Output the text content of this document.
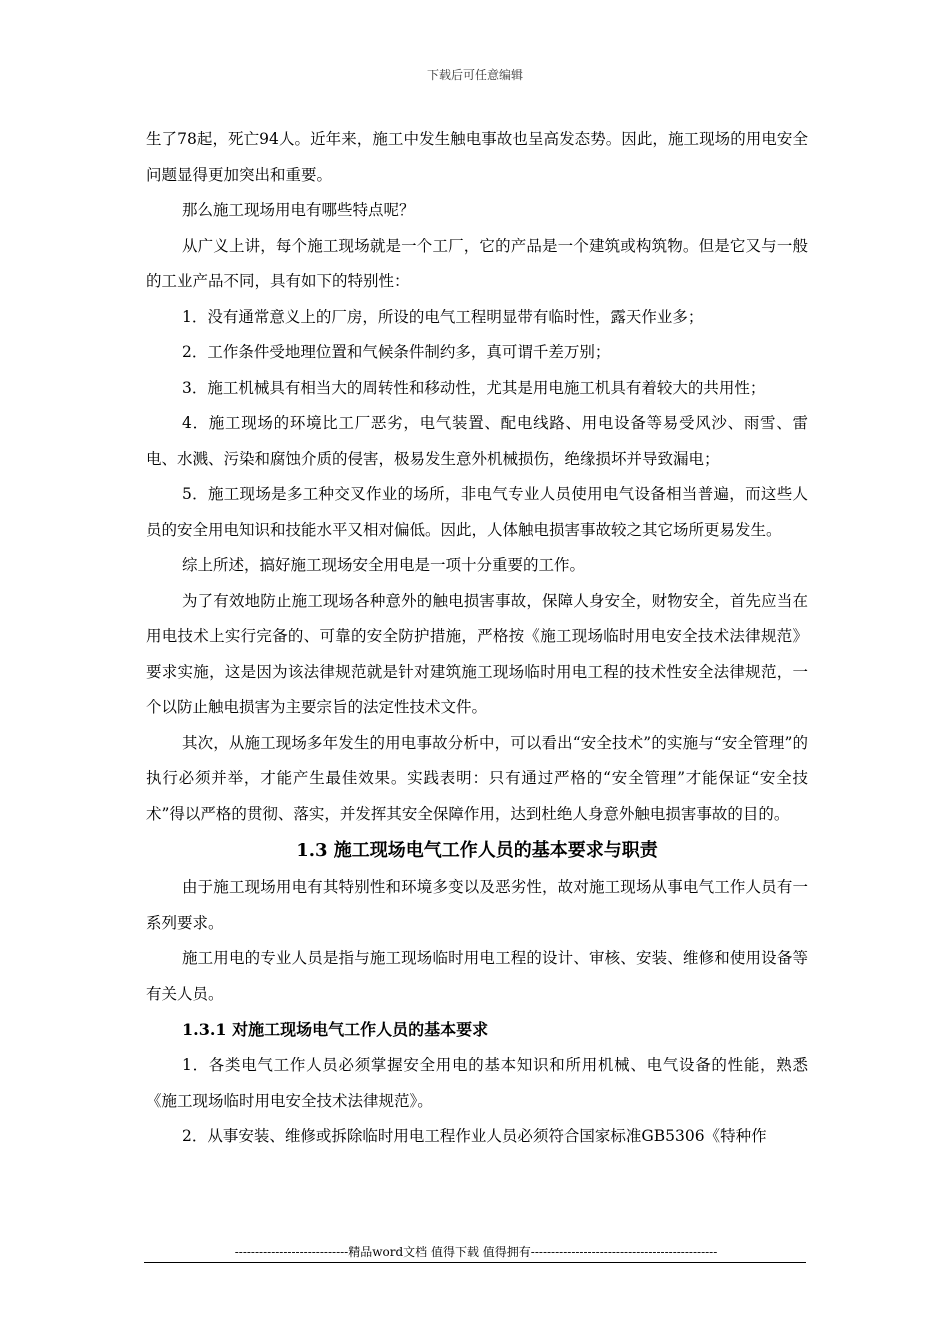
下载后可任意编辑

生了78起，死亡94人。近年来，施工中发生触电事故也呈高发态势。因此，施工现场的用电安全问题显得更加突出和重要。

那么施工现场用电有哪些特点呢？

从广义上讲，每个施工现场就是一个工厂，它的产品是一个建筑或构筑物。但是它又与一般的工业产品不同，具有如下的特别性：

1．没有通常意义上的厂房，所设的电气工程明显带有临时性，露天作业多；

2．工作条件受地理位置和气候条件制约多，真可谓千差万别；

3．施工机械具有相当大的周转性和移动性，尤其是用电施工机具有着较大的共用性；

4．施工现场的环境比工厂恶劣，电气装置、配电线路、用电设备等易受风沙、雨雪、雷电、水溅、污染和腐蚀介质的侵害，极易发生意外机械损伤，绝缘损坏并导致漏电；

5．施工现场是多工种交叉作业的场所，非电气专业人员使用电气设备相当普遍，而这些人员的安全用电知识和技能水平又相对偏低。因此，人体触电损害事故较之其它场所更易发生。

综上所述，搞好施工现场安全用电是一项十分重要的工作。

为了有效地防止施工现场各种意外的触电损害事故，保障人身安全，财物安全，首先应当在用电技术上实行完备的、可靠的安全防护措施，严格按《施工现场临时用电安全技术法律规范》要求实施，这是因为该法律规范就是针对建筑施工现场临时用电工程的技术性安全法律规范，一个以防止触电损害为主要宗旨的法定性技术文件。

其次，从施工现场多年发生的用电事故分析中，可以看出“安全技术”的实施与“安全管理”的执行必须并举，才能产生最佳效果。实践表明：只有通过严格的“安全管理”才能保证“安全技术”得以严格的贯彻、落实，并发挥其安全保障作用，达到杜绝人身意外触电损害事故的目的。

1.3 施工现场电气工作人员的基本要求与职责

由于施工现场用电有其特别性和环境多变以及恶劣性，故对施工现场从事电气工作人员有一系列要求。

施工用电的专业人员是指与施工现场临时用电工程的设计、审核、安装、维修和使用设备等有关人员。

1.3.1 对施工现场电气工作人员的基本要求

1．各类电气工作人员必须掌握安全用电的基本知识和所用机械、电气设备的性能，熟悉《施工现场临时用电安全技术法律规范》。

2．从事安装、维修或拆除临时用电工程作业人员必须符合国家标准GB5306《特种作

----------------------------精品word文档 值得下载 值得拥有----------------------------------------------
